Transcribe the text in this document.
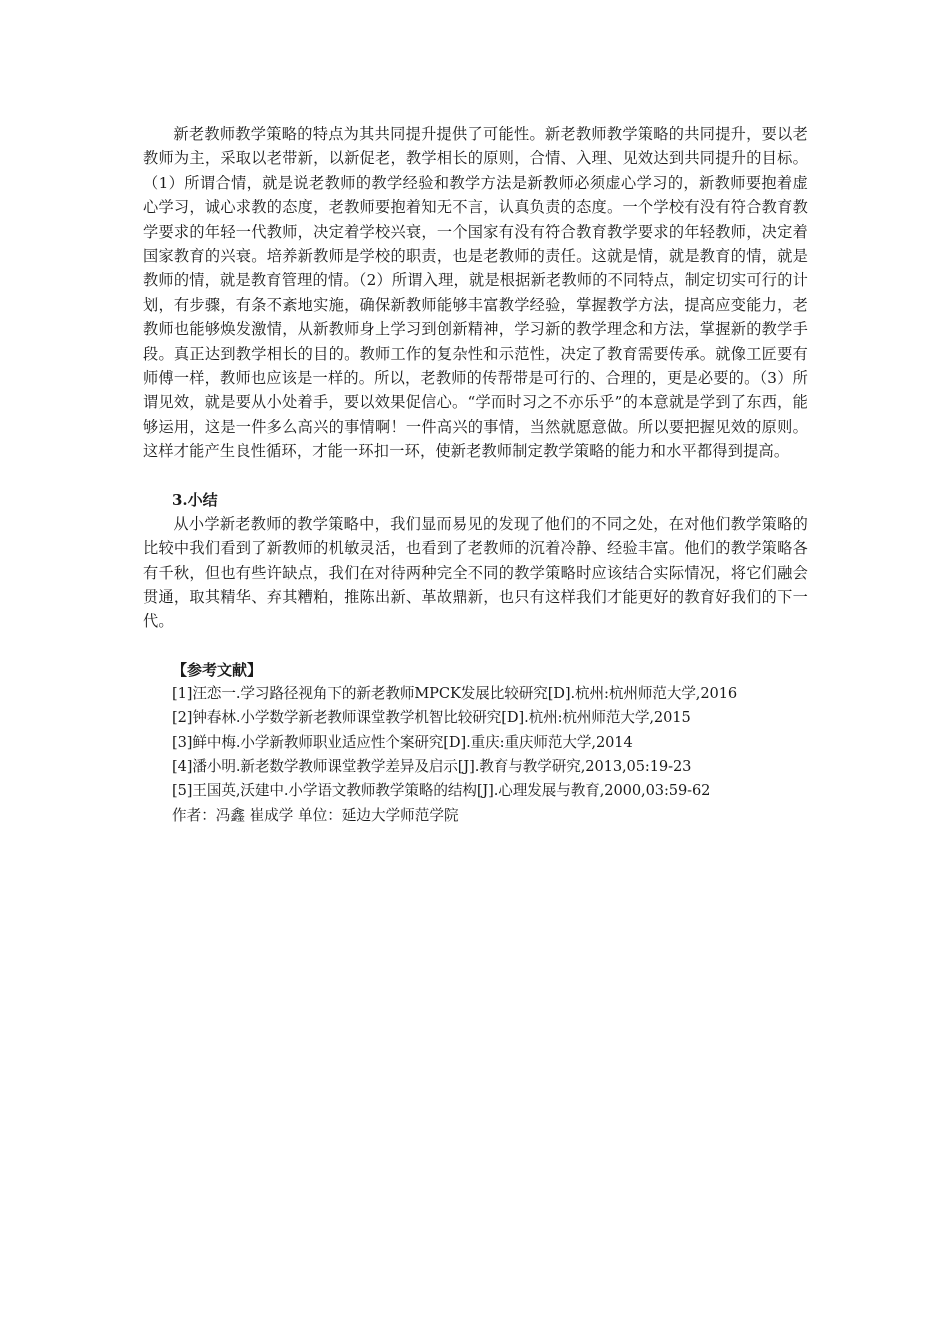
新老教师教学策略的特点为其共同提升提供了可能性。新老教师教学策略的共同提升，要以老教师为主，采取以老带新，以新促老，教学相长的原则，合情、入理、见效达到共同提升的目标。（1）所谓合情，就是说老教师的教学经验和教学方法是新教师必须虚心学习的，新教师要抱着虚心学习，诚心求教的态度，老教师要抱着知无不言，认真负责的态度。一个学校有没有符合教育教学要求的年轻一代教师，决定着学校兴衰，一个国家有没有符合教育教学要求的年轻教师，决定着国家教育的兴衰。培养新教师是学校的职责，也是老教师的责任。这就是情，就是教育的情，就是教师的情，就是教育管理的情。（2）所谓入理，就是根据新老教师的不同特点，制定切实可行的计划，有步骤，有条不紊地实施，确保新教师能够丰富教学经验，掌握教学方法，提高应变能力，老教师也能够焕发激情，从新教师身上学习到创新精神，学习新的教学理念和方法，掌握新的教学手段。真正达到教学相长的目的。教师工作的复杂性和示范性，决定了教育需要传承。就像工匠要有师傅一样，教师也应该是一样的。所以，老教师的传帮带是可行的、合理的，更是必要的。（3）所谓见效，就是要从小处着手，要以效果促信心。“学而时习之不亦乐乎”的本意就是学到了东西，能够运用，这是一件多么高兴的事情啊！一件高兴的事情，当然就愿意做。所以要把握见效的原则。这样才能产生良性循环，才能一环扣一环，使新老教师制定教学策略的能力和水平都得到提高。

3.小结

从小学新老教师的教学策略中，我们显而易见的发现了他们的不同之处，在对他们教学策略的比较中我们看到了新教师的机敏灵活，也看到了老教师的沉着冷静、经验丰富。他们的教学策略各有千秋，但也有些许缺点，我们在对待两种完全不同的教学策略时应该结合实际情况，将它们融会贯通，取其精华、弃其糟粕，推陈出新、革故鼎新，也只有这样我们才能更好的教育好我们的下一代。

【参考文献】

[1]汪恋一.学习路径视角下的新老教师MPCK发展比较研究[D].杭州:杭州师范大学,2016

[2]钟春林.小学数学新老教师课堂教学机智比较研究[D].杭州:杭州师范大学,2015

[3]鲜中梅.小学新教师职业适应性个案研究[D].重庆:重庆师范大学,2014

[4]潘小明.新老数学教师课堂教学差异及启示[J].教育与教学研究,2013,05:19-23

[5]王国英,沃建中.小学语文教师教学策略的结构[J].心理发展与教育,2000,03:59-62

作者：冯鑫 崔成学 单位：延边大学师范学院
